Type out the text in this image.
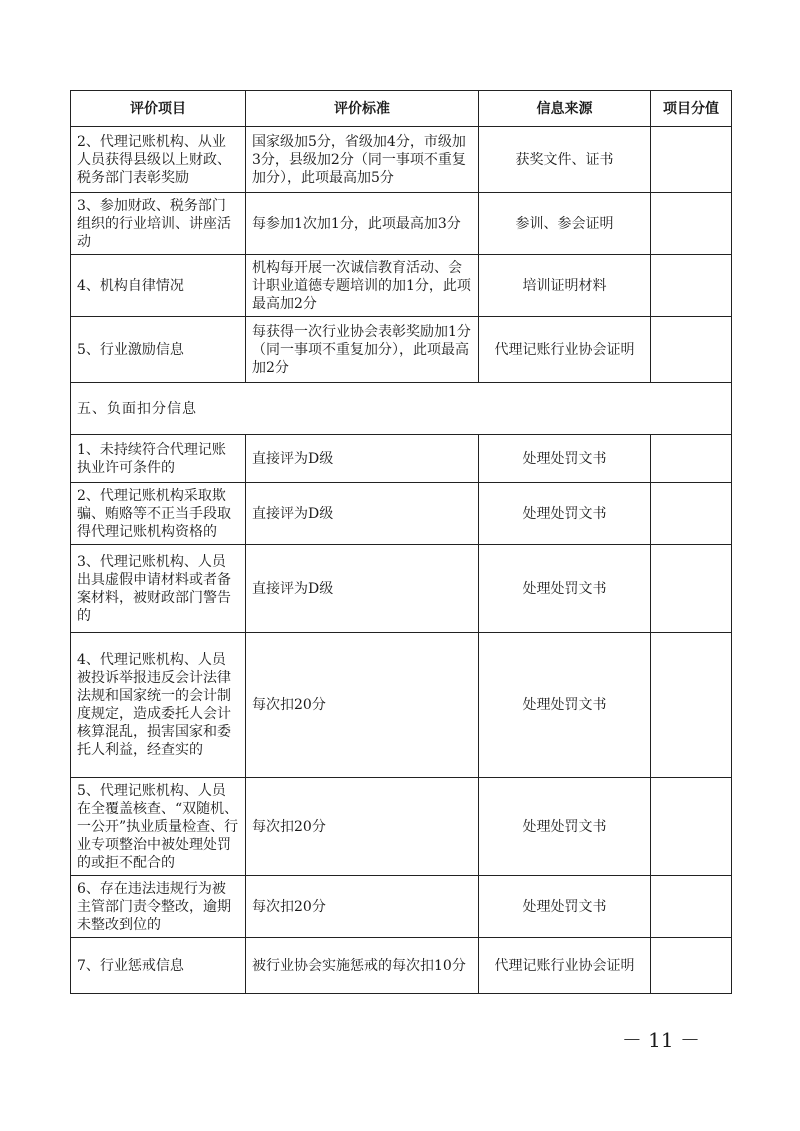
评价项目	评价标准	信息来源	项目分值
2、代理记账机构、从业人员获得县级以上财政、税务部门表彰奖励	国家级加5分，省级加4分，市级加3分，县级加2分（同一事项不重复加分），此项最高加5分	获奖文件、证书	
3、参加财政、税务部门组织的行业培训、讲座活动	每参加1次加1分，此项最高加3分	参训、参会证明	
4、机构自律情况	机构每开展一次诚信教育活动、会计职业道德专题培训的加1分，此项最高加2分	培训证明材料	
5、行业激励信息	每获得一次行业协会表彰奖励加1分（同一事项不重复加分），此项最高加2分	代理记账行业协会证明	
五、负面扣分信息			
1、未持续符合代理记账执业许可条件的	直接评为D级	处理处罚文书	
2、代理记账机构采取欺骗、贿赂等不正当手段取得代理记账机构资格的	直接评为D级	处理处罚文书	
3、代理记账机构、人员出具虚假申请材料或者备案材料，被财政部门警告的	直接评为D级	处理处罚文书	
4、代理记账机构、人员被投诉举报违反会计法律法规和国家统一的会计制度规定，造成委托人会计核算混乱，损害国家和委托人利益，经查实的	每次扣20分	处理处罚文书	
5、代理记账机构、人员在全覆盖核查、“双随机、一公开”执业质量检查、行业专项整治中被处理处罚的或拒不配合的	每次扣20分	处理处罚文书	
6、存在违法违规行为被主管部门责令整改，逾期未整改到位的	每次扣20分	处理处罚文书	
7、行业惩戒信息	被行业协会实施惩戒的每次扣10分	代理记账行业协会证明	
－ 11 －
